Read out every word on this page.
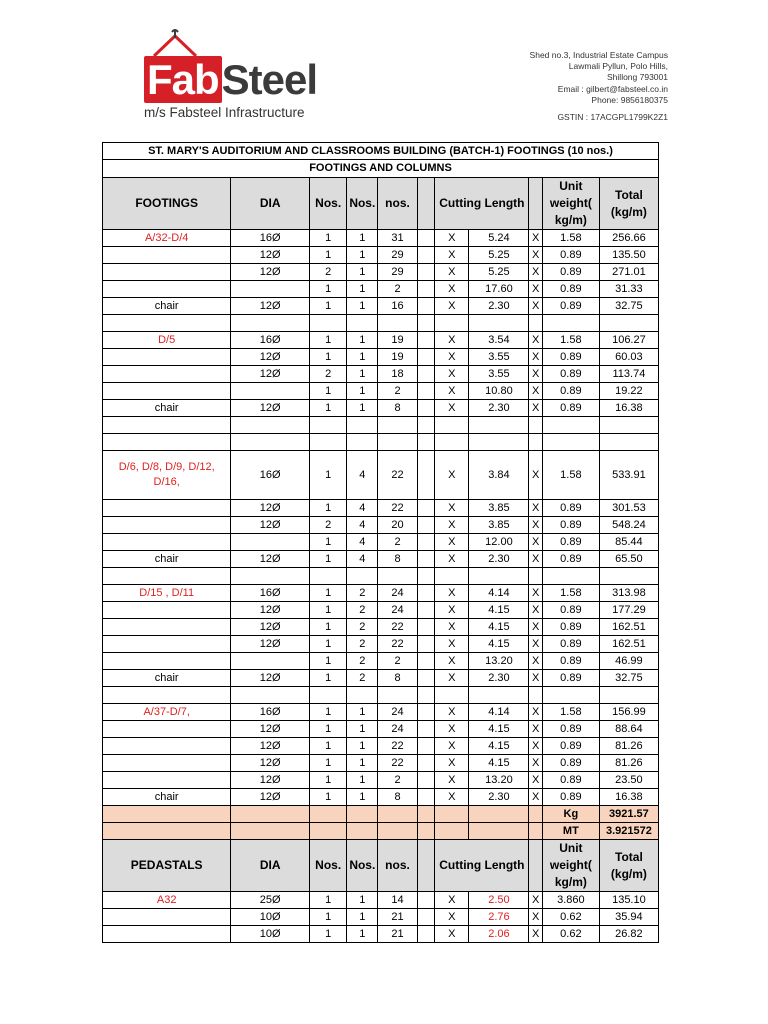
FabSteel
m/s Fabsteel Infrastructure
Shed no.3, Industrial Estate Campus
Lawmali Pyllun, Polo Hills,
Shillong 793001
Email : gilbert@fabsteel.co.in
Phone: 9856180375
GSTIN : 17ACGPL1799K2Z1
ST. MARY'S AUDITORIUM AND CLASSROOMS BUILDING (BATCH-1) FOOTINGS (10 nos.)										
FOOTINGS AND COLUMNS										
FOOTINGS	DIA	Nos.	Nos.	nos.		Cutting Length			Unit weight( kg/m)	Total (kg/m)
A/32-D/4	16Ø	1	1	31		X	5.24	X	1.58	256.66
	12Ø	1	1	29		X	5.25	X	0.89	135.50
	12Ø	2	1	29		X	5.25	X	0.89	271.01
		1	1	2		X	17.60	X	0.89	31.33
chair	12Ø	1	1	16		X	2.30	X	0.89	32.75

D/5	16Ø	1	1	19		X	3.54	X	1.58	106.27
	12Ø	1	1	19		X	3.55	X	0.89	60.03
	12Ø	2	1	18		X	3.55	X	0.89	113.74
		1	1	2		X	10.80	X	0.89	19.22
chair	12Ø	1	1	8		X	2.30	X	0.89	16.38

D/6, D/8, D/9, D/12, D/16,	16Ø	1	4	22		X	3.84	X	1.58	533.91
	12Ø	1	4	22		X	3.85	X	0.89	301.53
	12Ø	2	4	20		X	3.85	X	0.89	548.24
		1	4	2		X	12.00	X	0.89	85.44
chair	12Ø	1	4	8		X	2.30	X	0.89	65.50

D/15 , D/11	16Ø	1	2	24		X	4.14	X	1.58	313.98
	12Ø	1	2	24		X	4.15	X	0.89	177.29
	12Ø	1	2	22		X	4.15	X	0.89	162.51
	12Ø	1	2	22		X	4.15	X	0.89	162.51
		1	2	2		X	13.20	X	0.89	46.99
chair	12Ø	1	2	8		X	2.30	X	0.89	32.75

A/37-D/7,	16Ø	1	1	24		X	4.14	X	1.58	156.99
	12Ø	1	1	24		X	4.15	X	0.89	88.64
	12Ø	1	1	22		X	4.15	X	0.89	81.26
	12Ø	1	1	22		X	4.15	X	0.89	81.26
	12Ø	1	1	2		X	13.20	X	0.89	23.50
chair	12Ø	1	1	8		X	2.30	X	0.89	16.38
									Kg	3921.57
									MT	3.921572
PEDASTALS	DIA	Nos.	Nos.	nos.		Cutting Length			Unit weight( kg/m)	Total (kg/m)
A32	25Ø	1	1	14		X	2.50	X	3.860	135.10
	10Ø	1	1	21		X	2.76	X	0.62	35.94
	10Ø	1	1	21		X	2.06	X	0.62	26.82
